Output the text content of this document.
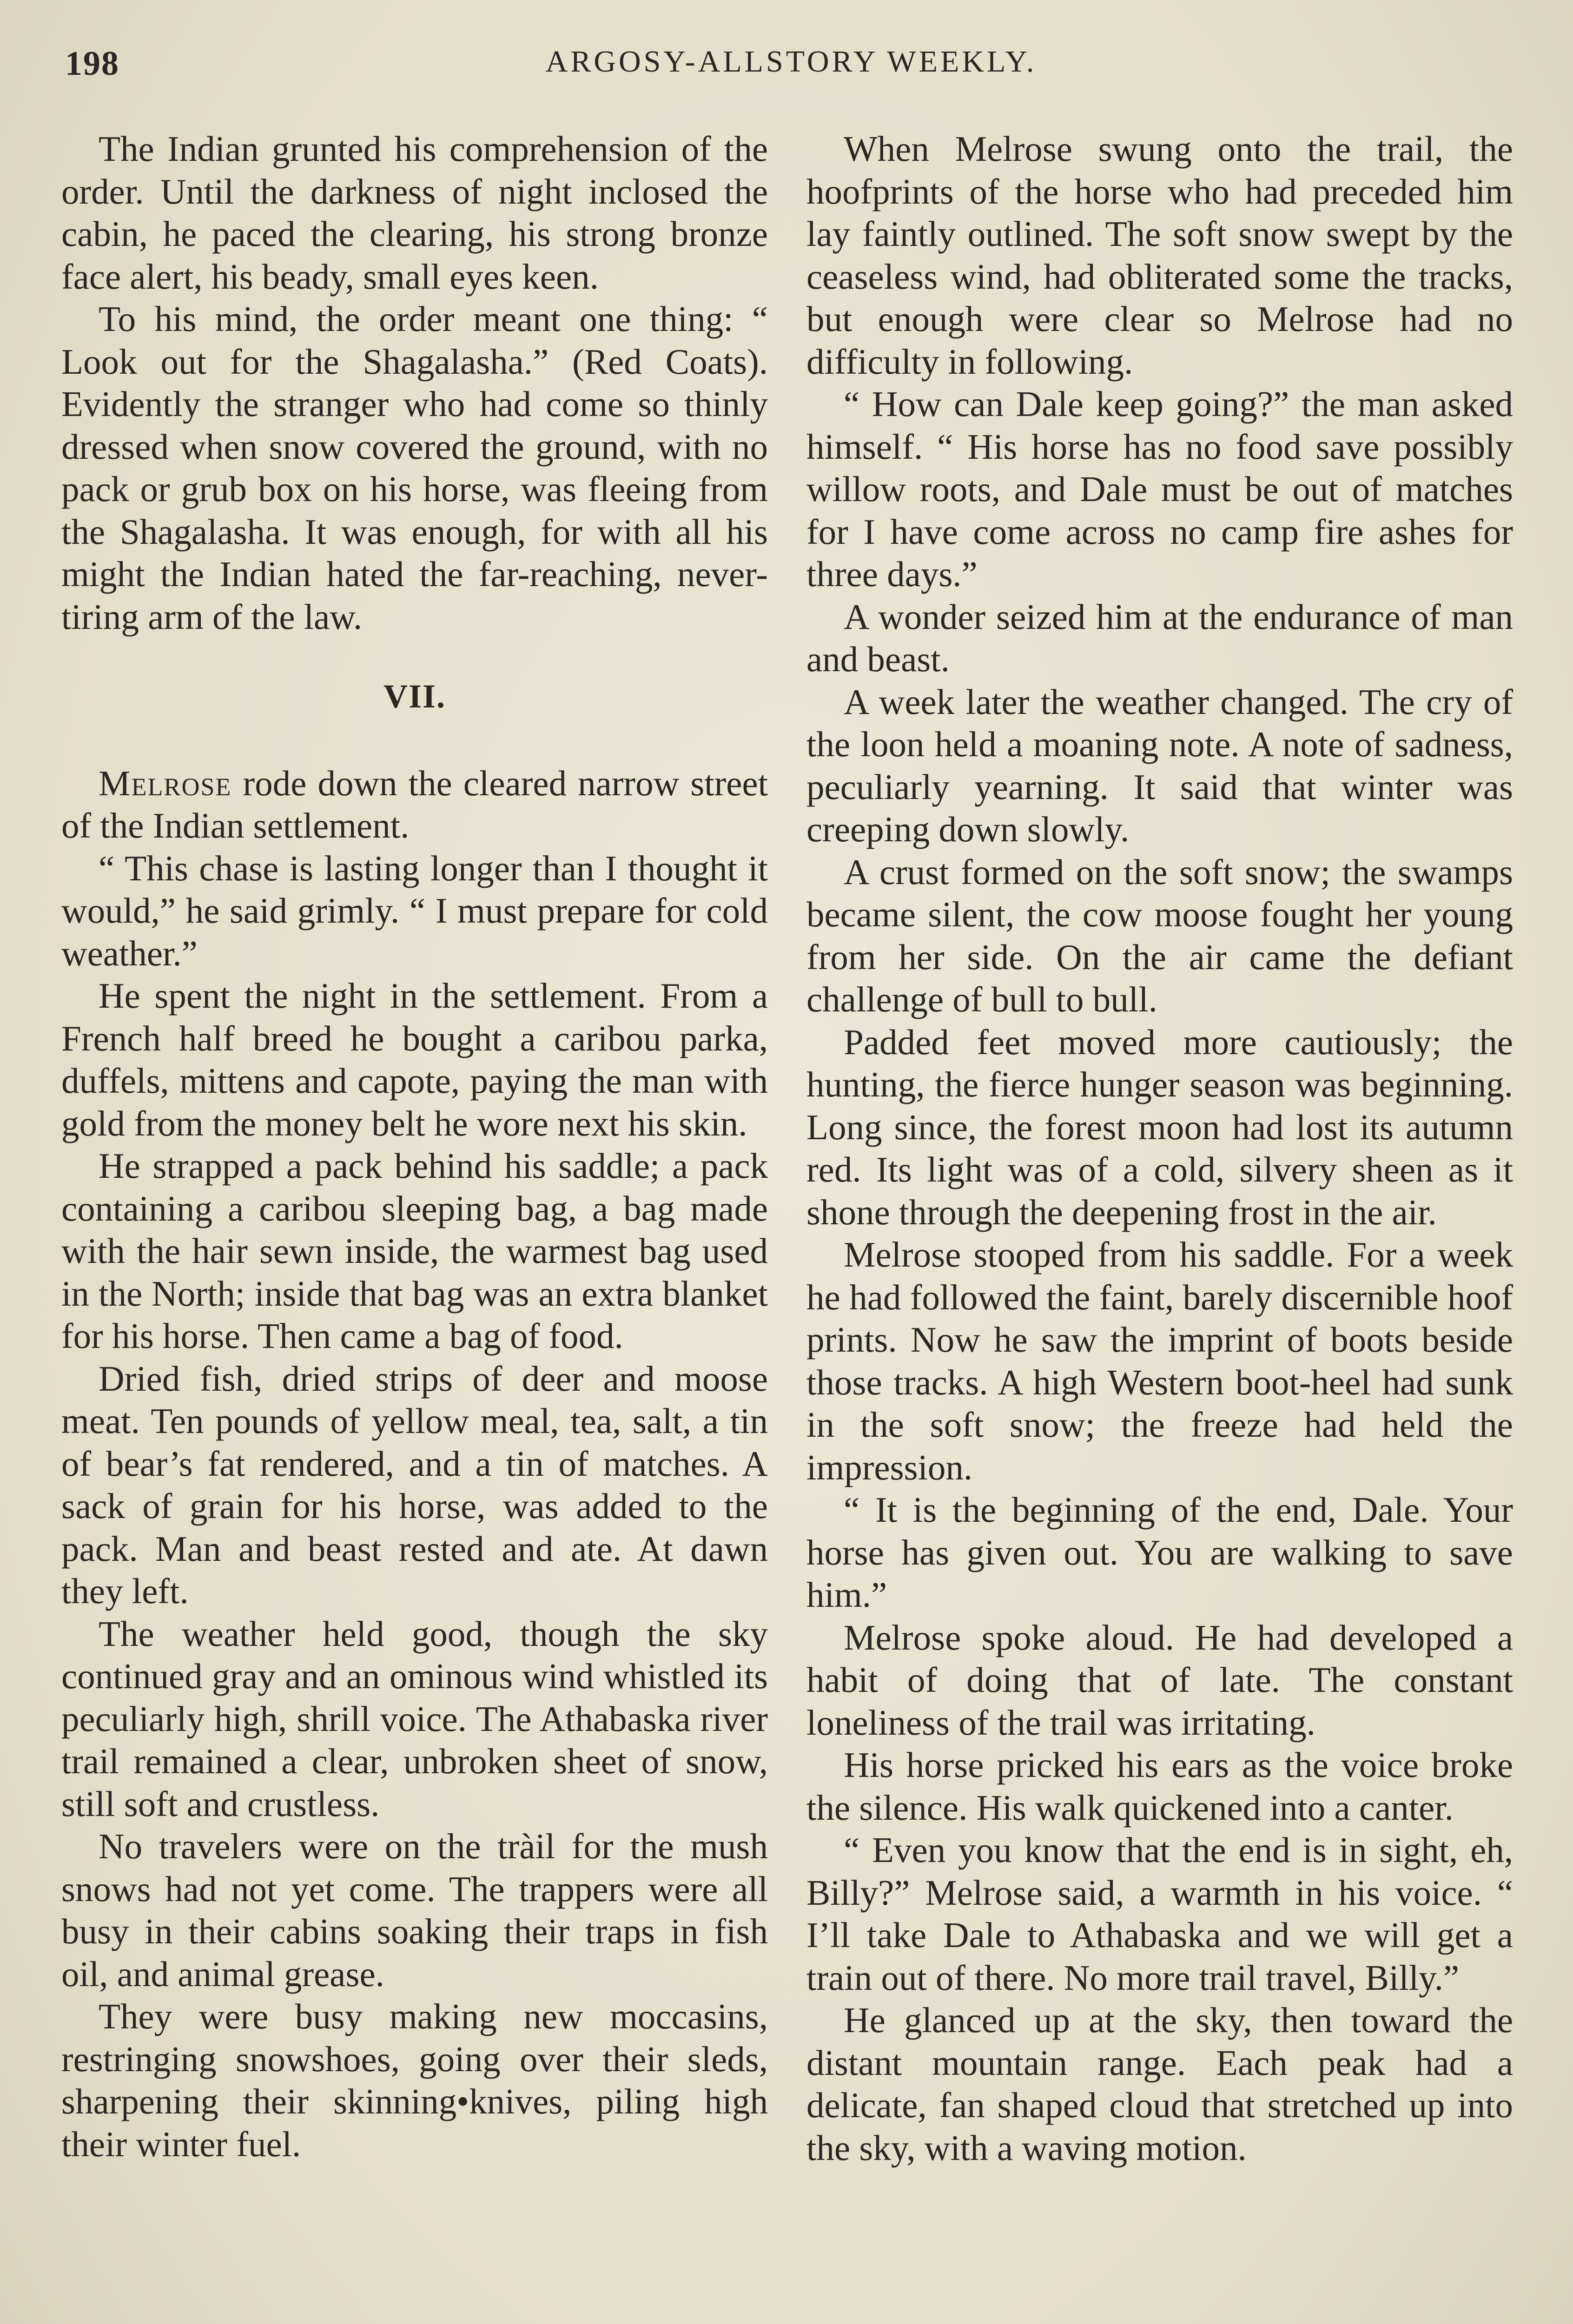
198	ARGOSY-ALLSTORY WEEKLY.

The Indian grunted his comprehension of the order. Until the darkness of night inclosed the cabin, he paced the clearing, his strong bronze face alert, his beady, small eyes keen.

To his mind, the order meant one thing: “ Look out for the Shagalasha.” (Red Coats). Evidently the stranger who had come so thinly dressed when snow covered the ground, with no pack or grub box on his horse, was fleeing from the Shagalasha. It was enough, for with all his might the Indian hated the far-reaching, never-tiring arm of the law.

VII.

Melrose rode down the cleared narrow street of the Indian settlement.

“ This chase is lasting longer than I thought it would,” he said grimly. “ I must prepare for cold weather.”

He spent the night in the settlement. From a French half breed he bought a caribou parka, duffels, mittens and capote, paying the man with gold from the money belt he wore next his skin.

He strapped a pack behind his saddle; a pack containing a caribou sleeping bag, a bag made with the hair sewn inside, the warmest bag used in the North; inside that bag was an extra blanket for his horse. Then came a bag of food.

Dried fish, dried strips of deer and moose meat. Ten pounds of yellow meal, tea, salt, a tin of bear’s fat rendered, and a tin of matches. A sack of grain for his horse, was added to the pack. Man and beast rested and ate. At dawn they left.

The weather held good, though the sky continued gray and an ominous wind whistled its peculiarly high, shrill voice. The Athabaska river trail remained a clear, unbroken sheet of snow, still soft and crustless.

No travelers were on the tràil for the mush snows had not yet come. The trappers were all busy in their cabins soaking their traps in fish oil, and animal grease.

They were busy making new moccasins, restringing snowshoes, going over their sleds, sharpening their skinning•knives, piling high their winter fuel.

When Melrose swung onto the trail, the hoofprints of the horse who had preceded him lay faintly outlined. The soft snow swept by the ceaseless wind, had obliterated some the tracks, but enough were clear so Melrose had no difficulty in following.

“ How can Dale keep going?” the man asked himself. “ His horse has no food save possibly willow roots, and Dale must be out of matches for I have come across no camp fire ashes for three days.”

A wonder seized him at the endurance of man and beast.

A week later the weather changed. The cry of the loon held a moaning note. A note of sadness, peculiarly yearning. It said that winter was creeping down slowly.

A crust formed on the soft snow; the swamps became silent, the cow moose fought her young from her side. On the air came the defiant challenge of bull to bull.

Padded feet moved more cautiously; the hunting, the fierce hunger season was beginning. Long since, the forest moon had lost its autumn red. Its light was of a cold, silvery sheen as it shone through the deepening frost in the air.

Melrose stooped from his saddle. For a week he had followed the faint, barely discernible hoof prints. Now he saw the imprint of boots beside those tracks. A high Western boot-heel had sunk in the soft snow; the freeze had held the impression.

“ It is the beginning of the end, Dale. Your horse has given out. You are walking to save him.”

Melrose spoke aloud. He had developed a habit of doing that of late. The constant loneliness of the trail was irritating.

His horse pricked his ears as the voice broke the silence. His walk quickened into a canter.

“ Even you know that the end is in sight, eh, Billy?” Melrose said, a warmth in his voice. “ I’ll take Dale to Athabaska and we will get a train out of there. No more trail travel, Billy.”

He glanced up at the sky, then toward the distant mountain range. Each peak had a delicate, fan shaped cloud that stretched up into the sky, with a waving motion.
